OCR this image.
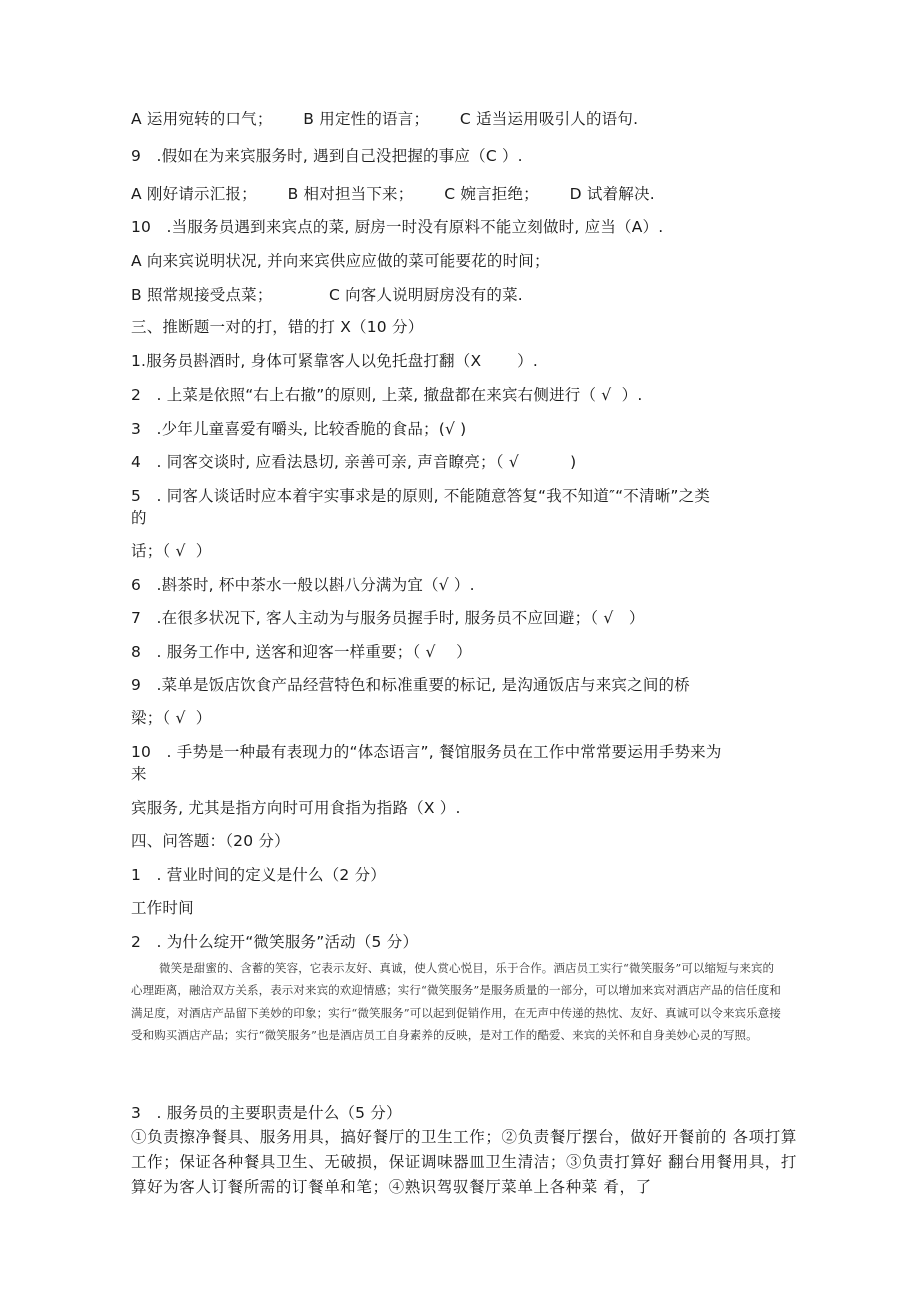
A 运用宛转的口气；      B 用定性的语言；      C 适当运用吸引人的语句.
9   .假如在为来宾服务时, 遇到自己没把握的事应（C ）.
A 刚好请示汇报；      B 相对担当下来；      C 婉言拒绝；      D 试着解决.
10   .当服务员遇到来宾点的菜, 厨房一时没有原料不能立刻做时, 应当（A）.
A 向来宾说明状况, 并向来宾供应应做的菜可能要花的时间；
B 照常规接受点菜；           C 向客人说明厨房没有的菜.
三、推断题一对的打，错的打 X（10 分）
1.服务员斟酒时, 身体可紧靠客人以免托盘打翻（X       ）.
2   . 上菜是依照“右上右撤”的原则, 上菜, 撤盘都在来宾右侧进行（ √  ）.
3   .少年儿童喜爱有嚼头, 比较香脆的食品；(√ )
4   . 同客交谈时, 应看法恳切, 亲善可亲, 声音瞭亮；（ √          )
5   . 同客人谈话时应本着宇实事求是的原则, 不能随意答复“我不知道″“不清晰”之类
的
话；（ √  ）
6   .斟茶时, 杯中茶水一般以斟八分满为宜（√ ）.
7   .在很多状况下, 客人主动为与服务员握手时, 服务员不应回避；（ √   ）
8   . 服务工作中, 送客和迎客一样重要；（ √    ）
9   .菜单是饭店饮食产品经营特色和标准重要的标记, 是沟通饭店与来宾之间的桥
梁；（ √  ）
10   . 手势是一种最有表现力的“体态语言”, 餐馆服务员在工作中常常要运用手势来为
来
宾服务, 尤其是指方向时可用食指为指路（X ）.
四、问答题：（20 分）
1   . 营业时间的定义是什么（2 分）
工作时间
2   . 为什么绽开“微笑服务”活动（5 分）
微笑是甜蜜的、含蓄的笑容，它表示友好、真诚，使人赏心悦目，乐于合作。酒店员工实行“微笑服务”可以缩短与来宾的心理距离，融洽双方关系，表示对来宾的欢迎情感；实行“微笑服务”是服务质量的一部分，可以增加来宾对酒店产品的信任度和满足度，对酒店产品留下美妙的印象；实行“微笑服务”可以起到促销作用，在无声中传递的热忱、友好、真诚可以令来宾乐意接受和购买酒店产品；实行“微笑服务”也是酒店员工自身素养的反映，是对工作的酷爱、来宾的关怀和自身美妙心灵的写照。
3   . 服务员的主要职责是什么（5 分）
①负责擦净餐具、服务用具，搞好餐厅的卫生工作；②负责餐厅摆台，做好开餐前的 各项打算工作；保证各种餐具卫生、无破损，保证调味器皿卫生清洁；③负责打算好 翻台用餐用具，打算好为客人订餐所需的订餐单和笔；④熟识驾驭餐厅菜单上各种菜 肴，了
